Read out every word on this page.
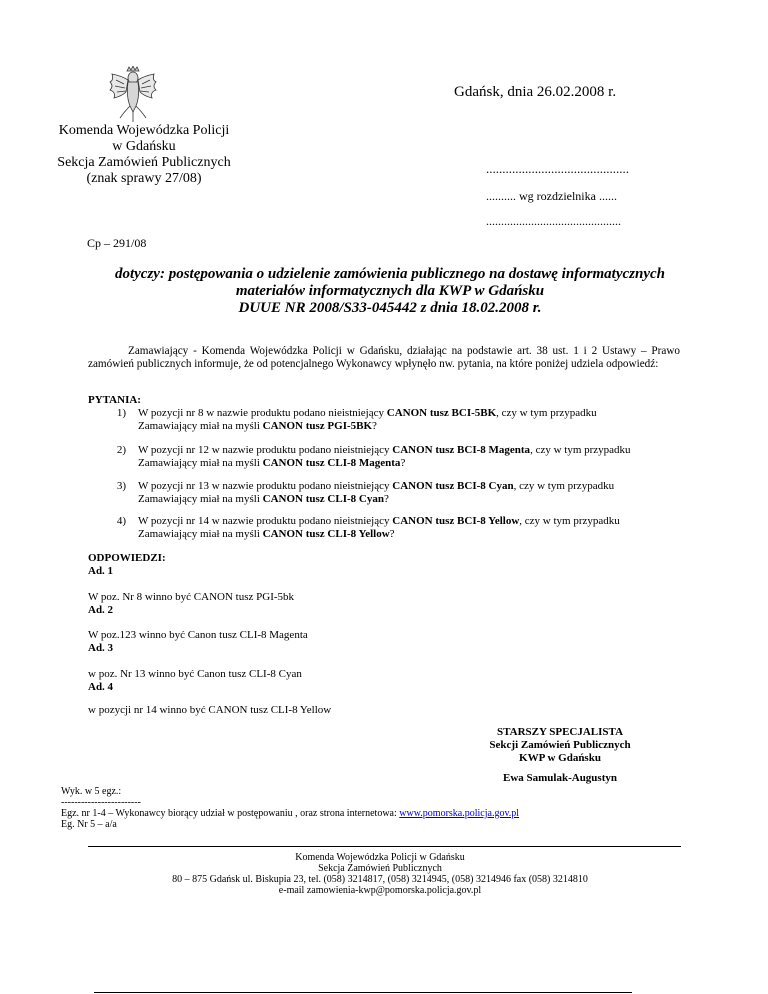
Gdańsk, dnia 26.02.2008 r.
Komenda Wojewódzka Policji
w Gdańsku
Sekcja Zamówień Publicznych
(znak sprawy 27/08)
............................................
.......... wg rozdzielnika ......
.............................................
Cp – 291/08
dotyczy: postępowania o udzielenie zamówienia publicznego na dostawę informatycznych
materiałów informatycznych dla KWP w Gdańsku
DUUE NR 2008/S33-045442 z dnia 18.02.2008 r.
Zamawiający - Komenda Wojewódzka Policji w Gdańsku, działając na podstawie art. 38 ust. 1 i 2 Ustawy – Prawo zamówień publicznych informuje, że od potencjalnego Wykonawcy wpłynęło nw. pytania, na które poniżej udziela odpowiedź:
PYTANIA:
1)	W pozycji nr 8 w nazwie produktu podano nieistniejący CANON tusz BCI-5BK, czy w tym przypadku
Zamawiający miał na myśli CANON tusz PGI-5BK?
2)	W pozycji nr 12 w nazwie produktu podano nieistniejący CANON tusz BCI-8 Magenta, czy w tym przypadku
Zamawiający miał na myśli CANON tusz CLI-8 Magenta?
3)	W pozycji nr 13 w nazwie produktu podano nieistniejący CANON tusz BCI-8 Cyan, czy w tym przypadku
Zamawiający miał na myśli CANON tusz CLI-8 Cyan?
4)	W pozycji nr 14 w nazwie produktu podano nieistniejący CANON tusz BCI-8 Yellow, czy w tym przypadku
Zamawiający miał na myśli CANON tusz CLI-8 Yellow?
ODPOWIEDZI:
Ad. 1
W poz. Nr 8 winno być CANON tusz PGI-5bk
Ad. 2
W poz.123 winno być Canon tusz CLI-8 Magenta
Ad. 3
w poz. Nr 13 winno być Canon tusz CLI-8 Cyan
Ad. 4
w pozycji nr 14 winno być CANON tusz CLI-8 Yellow
STARSZY SPECJALISTA
Sekcji Zamówień Publicznych
KWP w Gdańsku
Ewa Samulak-Augustyn
Wyk. w 5 egz.:
------------------------
Egz. nr 1-4 – Wykonawcy biorący udział w postępowaniu , oraz strona internetowa: www.pomorska.policja.gov.pl
Eg. Nr 5 – a/a
Komenda Wojewódzka Policji w Gdańsku
Sekcja Zamówień Publicznych
80 – 875 Gdańsk ul. Biskupia 23, tel. (058) 3214817, (058) 3214945, (058) 3214946 fax (058) 3214810
e-mail zamowienia-kwp@pomorska.policja.gov.pl
